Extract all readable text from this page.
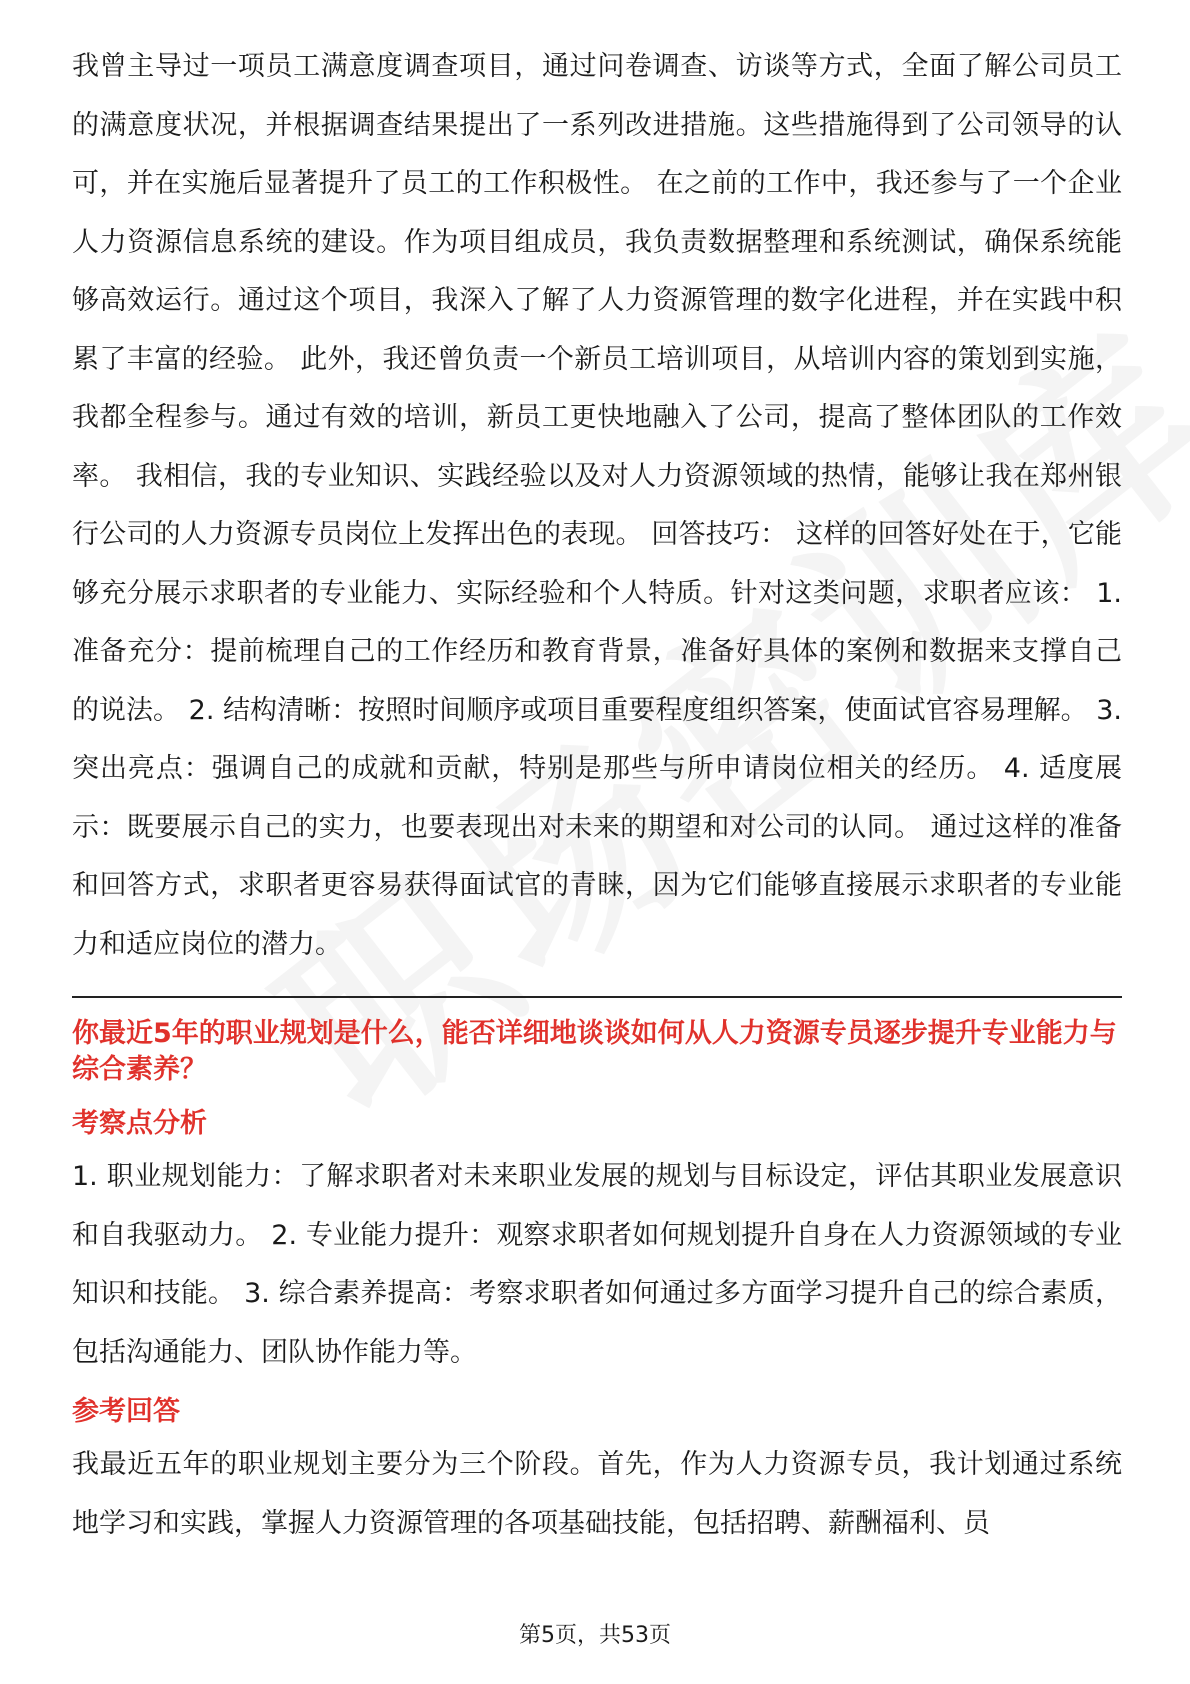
我曾主导过一项员工满意度调查项目，通过问卷调查、访谈等方式，全面了解公司员工的满意度状况，并根据调查结果提出了一系列改进措施。这些措施得到了公司领导的认可，并在实施后显著提升了员工的工作积极性。 在之前的工作中，我还参与了一个企业人力资源信息系统的建设。作为项目组成员，我负责数据整理和系统测试，确保系统能够高效运行。通过这个项目，我深入了解了人力资源管理的数字化进程，并在实践中积累了丰富的经验。 此外，我还曾负责一个新员工培训项目，从培训内容的策划到实施，我都全程参与。通过有效的培训，新员工更快地融入了公司，提高了整体团队的工作效率。 我相信，我的专业知识、实践经验以及对人力资源领域的热情，能够让我在郑州银行公司的人力资源专员岗位上发挥出色的表现。 回答技巧： 这样的回答好处在于，它能够充分展示求职者的专业能力、实际经验和个人特质。针对这类问题，求职者应该： 1. 准备充分：提前梳理自己的工作经历和教育背景，准备好具体的案例和数据来支撑自己的说法。 2. 结构清晰：按照时间顺序或项目重要程度组织答案，使面试官容易理解。 3. 突出亮点：强调自己的成就和贡献，特别是那些与所申请岗位相关的经历。 4. 适度展示：既要展示自己的实力，也要表现出对未来的期望和对公司的认同。 通过这样的准备和回答方式，求职者更容易获得面试官的青睐，因为它们能够直接展示求职者的专业能力和适应岗位的潜力。

你最近5年的职业规划是什么，能否详细地谈谈如何从人力资源专员逐步提升专业能力与综合素养？

考察点分析

1. 职业规划能力：了解求职者对未来职业发展的规划与目标设定，评估其职业发展意识和自我驱动力。 2. 专业能力提升：观察求职者如何规划提升自身在人力资源领域的专业知识和技能。 3. 综合素养提高：考察求职者如何通过多方面学习提升自己的综合素质，包括沟通能力、团队协作能力等。

参考回答

我最近五年的职业规划主要分为三个阶段。首先，作为人力资源专员，我计划通过系统地学习和实践，掌握人力资源管理的各项基础技能，包括招聘、薪酬福利、员

第5页，共53页
